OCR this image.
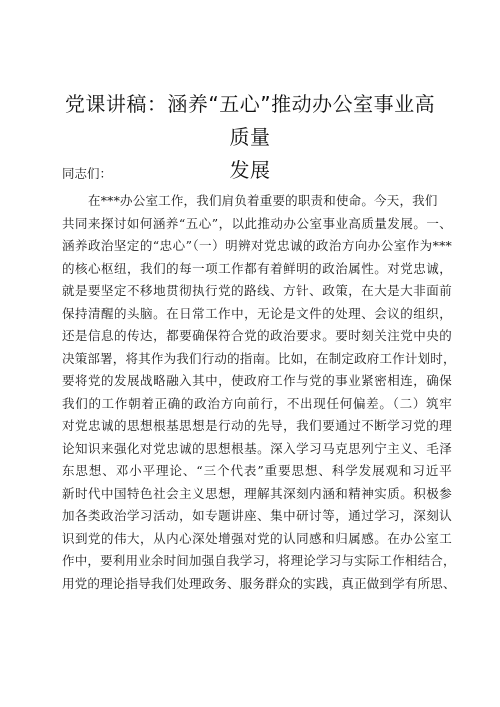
党课讲稿：涵养“五心”推动办公室事业高质量
发展
同志们：
在***办公室工作，我们肩负着重要的职责和使命。今天，我们
共同来探讨如何涵养“五心”，以此推动办公室事业高质量发展。一、
涵养政治坚定的“忠心”（一）明辨对党忠诚的政治方向办公室作为***
的核心枢纽，我们的每一项工作都有着鲜明的政治属性。对党忠诚，
就是要坚定不移地贯彻执行党的路线、方针、政策，在大是大非面前
保持清醒的头脑。在日常工作中，无论是文件的处理、会议的组织，
还是信息的传达，都要确保符合党的政治要求。要时刻关注党中央的
决策部署，将其作为我们行动的指南。比如，在制定政府工作计划时，
要将党的发展战略融入其中，使政府工作与党的事业紧密相连，确保
我们的工作朝着正确的政治方向前行，不出现任何偏差。（二）筑牢
对党忠诚的思想根基思想是行动的先导，我们要通过不断学习党的理
论知识来强化对党忠诚的思想根基。深入学习马克思列宁主义、毛泽
东思想、邓小平理论、“三个代表”重要思想、科学发展观和习近平
新时代中国特色社会主义思想，理解其深刻内涵和精神实质。积极参
加各类政治学习活动，如专题讲座、集中研讨等，通过学习，深刻认
识到党的伟大，从内心深处增强对党的认同感和归属感。在办公室工
作中，要利用业余时间加强自我学习，将理论学习与实际工作相结合，
用党的理论指导我们处理政务、服务群众的实践，真正做到学有所思、
